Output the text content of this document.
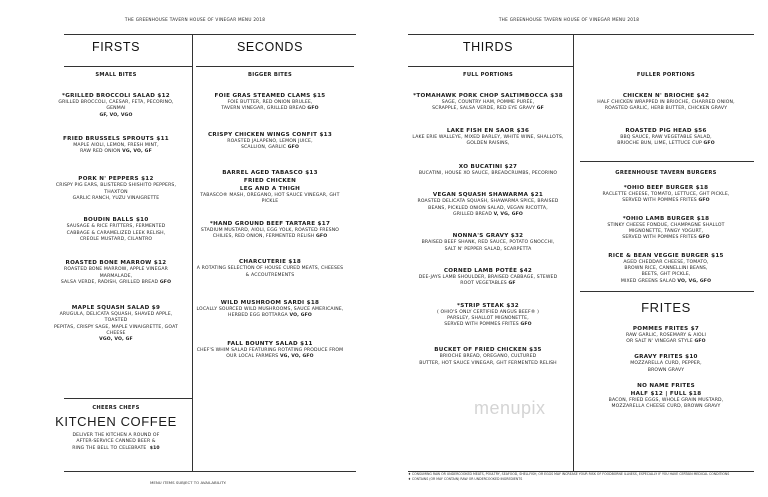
THE GREENHOUSE TAVERN HOUSE OF VINEGAR MENU 2018
FIRSTS
SMALL BITES
*GRILLED BROCCOLI SALAD $12
GRILLED BROCCOLI, CAESAR, FETA, PECORINO, GENMAI
GF, VO, VGO
FRIED BRUSSELS SPROUTS $11
MAPLE AIOLI, LEMON, FRESH MINT,
RAW RED ONION VG, VO, GF
PORK N' PEPPERS $12
CRISPY PIG EARS, BLISTERED SHISHITO PEPPERS, THAXTON
GARLIC RANCH, YUZU VINAIGRETTE
BOUDIN BALLS $10
SAUSAGE & RICE FRITTERS, FERMENTED
CABBAGE & CARAMELIZED LEEK RELISH,
CREOLE MUSTARD, CILANTRO
ROASTED BONE MARROW $12
ROASTED BONE MARROW, APPLE VINEGAR MARMALADE,
SALSA VERDE, RADISH, GRILLED BREAD GFO
MAPLE SQUASH SALAD $9
ARUGULA, DELICATA SQUASH, SHAVED APPLE, TOASTED
PEPITAS, CRISPY SAGE, MAPLE VINAIGRETTE, GOAT CHEESE
VGO, VO, GF
CHEERS CHEFS
KITCHEN COFFEE
DELIVER THE KITCHEN A ROUND OF
AFTER-SERVICE CANNED BEER &
RING THE BELL TO CELEBRATE $10
SECONDS
BIGGER BITES
FOIE GRAS STEAMED CLAMS $15
FOIE BUTTER, RED ONION BRULEE,
TAVERN VINEGAR, GRILLED BREAD GFO
CRISPY CHICKEN WINGS CONFIT $13
ROASTED JALAPENO, LEMON JUICE,
SCALLION, GARLIC GFO
BARREL AGED TABASCO $13
FRIED CHICKEN
LEG AND A THIGH
TABASCO® MASH, OREGANO, HOT SAUCE VINEGAR, GHT
PICKLE
*HAND GROUND BEEF TARTARE $17
STADIUM MUSTARD, AIOLI, EGG YOLK, ROASTED FRESNO
CHILIES, RED ONION, FERMENTED RELISH GFO
CHARCUTERIE $18
A ROTATING SELECTION OF HOUSE CURED MEATS, CHEESES
& ACCOUTREMENTS
WILD MUSHROOM SARDI $18
LOCALLY SOURCED WILD MUSHROOMS, SAUCE AMERICAINE,
HERBED EGG BOTTARGA VO, GFO
FALL BOUNTY SALAD $11
CHEF'S WHIM SALAD FEATURING ROTATING PRODUCE FROM
OUR LOCAL FARMERS VG, VO, GFO
MENU ITEMS SUBJECT TO AVAILABILITY.
THE GREENHOUSE TAVERN HOUSE OF VINEGAR MENU 2018
THIRDS
FULL PORTIONS
*TOMAHAWK PORK CHOP SALTIMBOCCA $38
SAGE, COUNTRY HAM, POMME PURÉE,
SCRAPPLE, SALSA VERDE, RED EYE GRAVY GF
LAKE FISH EN SAOR $36
LAKE ERIE WALLEYE, MIXED BARLEY, WHITE WINE, SHALLOTS,
GOLDEN RAISINS,
XO BUCATINI $27
BUCATINI, HOUSE XO SAUCE, BREADCRUMBS, PECORINO
VEGAN SQUASH SHAWARMA $21
ROASTED DELICATA SQUASH, SHAWARMA SPICE, BRAISED
BEANS, PICKLED ONION SALAD, VEGAN RICOTTA,
GRILLED BREAD V, VG, GFO
NONNA'S GRAVY $32
BRAISED BEEF SHANK, RED SAUCE, POTATO GNOCCHI,
SALT N' PEPPER SALAD, SCARPETTA
CORNED LAMB POTÉE $42
DEE-JAYS LAMB SHOULDER, BRAISED CABBAGE, STEWED
ROOT VEGETABLES GF
*STRIP STEAK $32
( OHIO'S ONLY CERTIFIED ANGUS BEEF® )
PARSLEY, SHALLOT MIGNONETTE,
SERVED WITH POMMES FRITES GFO
BUCKET OF FRIED CHICKEN $35
BRIOCHE BREAD, OREGANO, CULTURED
BUTTER, HOT SAUCE VINEGAR, GHT FERMENTED RELISH
FULLER PORTIONS
CHICKEN N' BRIOCHE $42
HALF CHICKEN WRAPPED IN BRIOCHE, CHARRED ONION,
ROASTED GARLIC, HERB BUTTER, CHICKEN GRAVY
ROASTED PIG HEAD $56
BBQ SAUCE, RAW VEGETABLE SALAD,
BRIOCHE BUN, LIME, LETTUCE CUP GFO
GREENHOUSE TAVERN BURGERS
*OHIO BEEF BURGER $18
RACLETTE CHEESE, TOMATO, LETTUCE, GHT PICKLE,
SERVED WITH POMMES FRITES GFO
*OHIO LAMB BURGER $18
STINKY CHEESE FONDUE, CHAMPAGNE SHALLOT
MIGNONETTE, TANGY YOGURT,
SERVED WITH POMMES FRITES GFO
RICE & BEAN VEGGIE BURGER $15
AGED CHEDDAR CHEESE, TOMATO,
BROWN RICE, CANNELLINI BEANS,
BEETS, GHT PICKLE,
MIXED GREENS SALAD VO, VG, GFO
FRITES
POMMES FRITES $7
RAW GARLIC, ROSEMARY & AIOLI
OR SALT N' VINEGAR STYLE GFO
GRAVY FRITES $10
MOZZARELLA CURD, PEPPER,
BROWN GRAVY
NO NAME FRITES
HALF $12 | FULL $18
BACON, FRIED EGGS, WHOLE GRAIN MUSTARD,
MOZZARELLA CHEESE CURD, BROWN GRAVY
♦ CONSUMING RAW OR UNDERCOOKED MEATS, POULTRY, SEAFOOD, SHELLFISH, OR EGGS MAY INCREASE YOUR RISK OF FOODBORNE ILLNESS, ESPECIALLY IF YOU HAVE CERTAIN MEDICAL CONDITIONS
♦ CONTAINS (OR MAY CONTAIN) RAW OR UNDERCOOKED INGREDIENTS
menupix
